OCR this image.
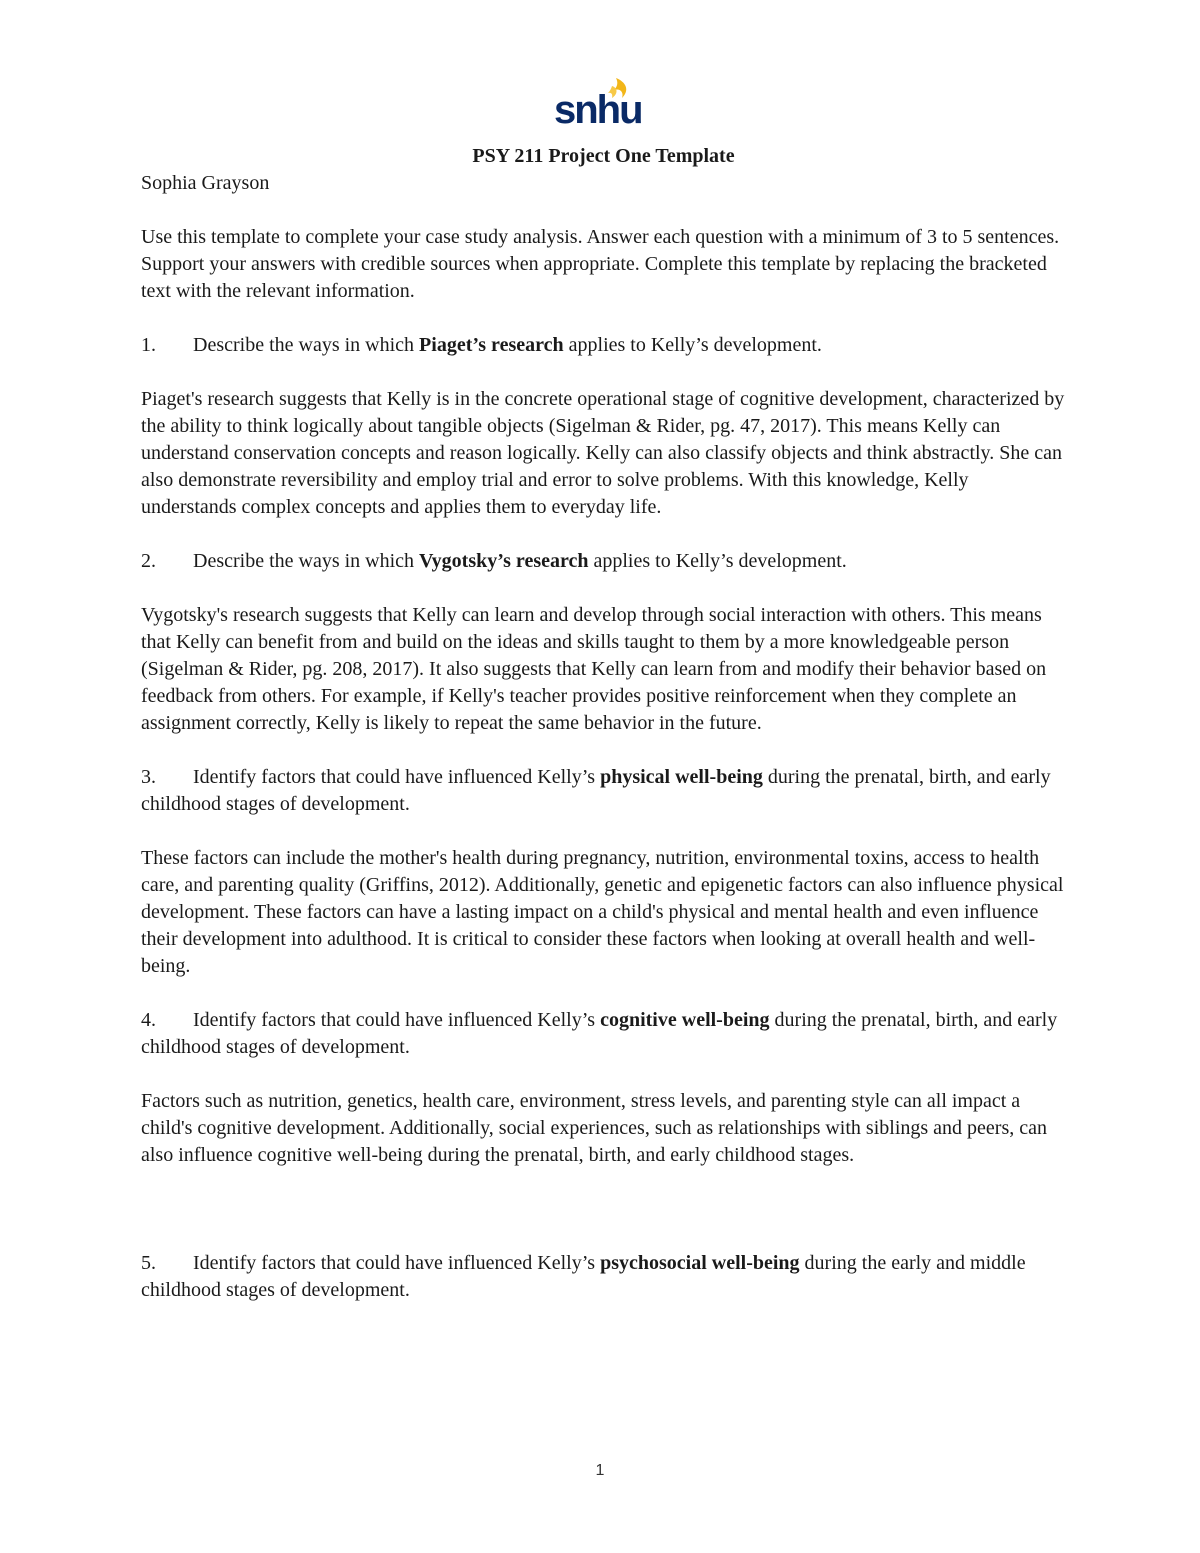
snhu
PSY 211 Project One Template
Sophia Grayson

Use this template to complete your case study analysis. Answer each question with a minimum of 3 to 5 sentences. Support your answers with credible sources when appropriate. Complete this template by replacing the bracketed text with the relevant information.

1. Describe the ways in which Piaget’s research applies to Kelly’s development.

Piaget's research suggests that Kelly is in the concrete operational stage of cognitive development, characterized by the ability to think logically about tangible objects (Sigelman & Rider, pg. 47, 2017). This means Kelly can understand conservation concepts and reason logically. Kelly can also classify objects and think abstractly. She can also demonstrate reversibility and employ trial and error to solve problems. With this knowledge, Kelly understands complex concepts and applies them to everyday life.

2. Describe the ways in which Vygotsky’s research applies to Kelly’s development.

Vygotsky's research suggests that Kelly can learn and develop through social interaction with others. This means that Kelly can benefit from and build on the ideas and skills taught to them by a more knowledgeable person (Sigelman & Rider, pg. 208, 2017). It also suggests that Kelly can learn from and modify their behavior based on feedback from others. For example, if Kelly's teacher provides positive reinforcement when they complete an assignment correctly, Kelly is likely to repeat the same behavior in the future.

3. Identify factors that could have influenced Kelly’s physical well-being during the prenatal, birth, and early childhood stages of development.

These factors can include the mother's health during pregnancy, nutrition, environmental toxins, access to health care, and parenting quality (Griffins, 2012). Additionally, genetic and epigenetic factors can also influence physical development. These factors can have a lasting impact on a child's physical and mental health and even influence their development into adulthood. It is critical to consider these factors when looking at overall health and well-being.

4. Identify factors that could have influenced Kelly’s cognitive well-being during the prenatal, birth, and early childhood stages of development.

Factors such as nutrition, genetics, health care, environment, stress levels, and parenting style can all impact a child's cognitive development. Additionally, social experiences, such as relationships with siblings and peers, can also influence cognitive well-being during the prenatal, birth, and early childhood stages.

5. Identify factors that could have influenced Kelly’s psychosocial well-being during the early and middle childhood stages of development.
1
